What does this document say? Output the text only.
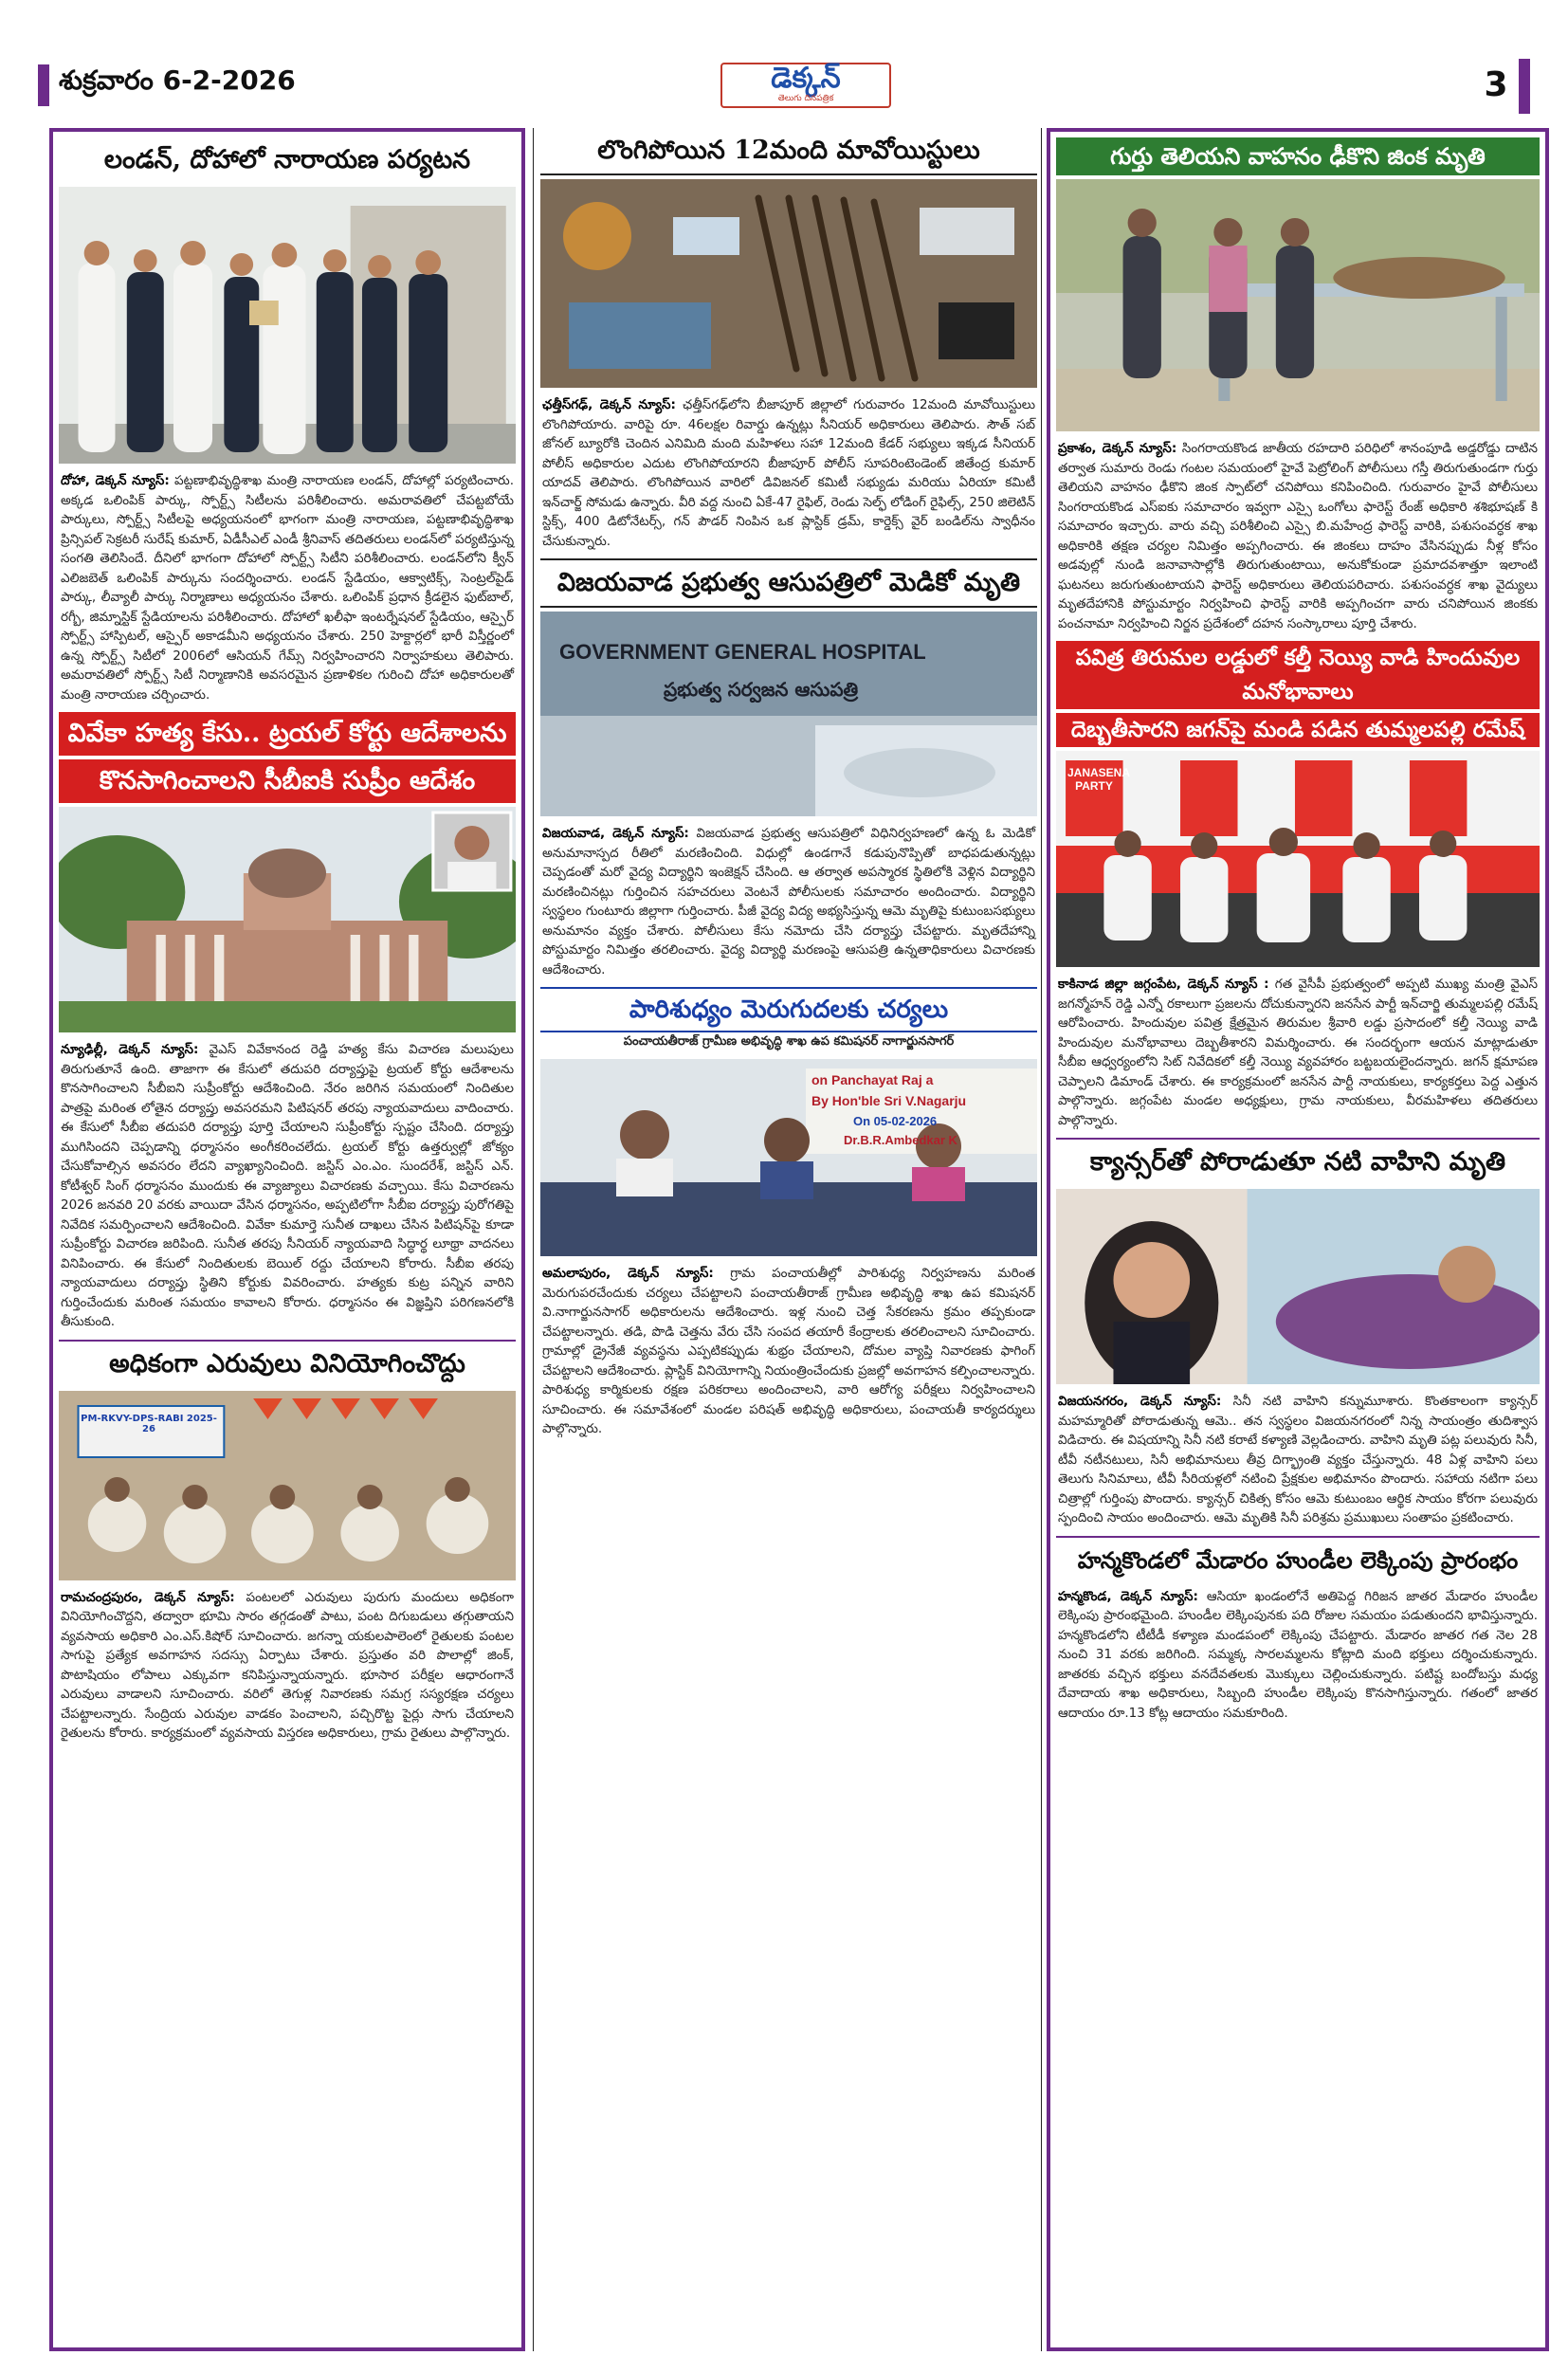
శుక్రవారం 6-2-2026	డెక్కన్
తెలుగు దినపత్రిక	3
లండన్, దోహాలో నారాయణ పర్యటన

దోహా, డెక్కన్ న్యూస్: పట్టణాభివృద్ధిశాఖ మంత్రి నారాయణ లండన్, దోహాల్లో పర్యటించారు. అక్కడ ఒలింపిక్ పార్కు, స్పోర్ట్స్ సిటీలను పరిశీలించారు. అమరావతిలో చేపట్టబోయే పార్కులు, స్పోర్ట్స్ సిటీలపై అధ్యయనంలో భాగంగా మంత్రి నారాయణ, పట్టణాభివృద్ధిశాఖ ప్రిన్సిపల్ సెక్రటరీ సురేష్ కుమార్, ఏడీసీఎల్ ఎండీ శ్రీనివాస్ తదితరులు లండన్‌లో పర్యటిస్తున్న సంగతి తెలిసిందే. దీనిలో భాగంగా దోహాలో స్పోర్ట్స్ సిటీని పరిశీలించారు. లండన్‌లోని క్వీన్ ఎలిజబెత్ ఒలింపిక్ పార్కును సందర్శించారు. లండన్ స్టేడియం, ఆక్వాటిక్స్, సెంట్రల్‌పైడ్ పార్కు, లీవ్యాలీ పార్కు నిర్మాణాలు అధ్యయనం చేశారు. ఒలింపిక్ ప్రధాన క్రీడలైన ఫుట్‌బాల్, రగ్బీ, జిమ్నాస్టిక్ స్టేడియాలను పరిశీలించారు. దోహాలో ఖలీఫా ఇంటర్నేషనల్ స్టేడియం, ఆస్పైర్ స్పోర్ట్స్ హాస్పిటల్, ఆస్పైర్ అకాడమీని అధ్యయనం చేశారు. 250 హెక్టార్లలో భారీ విస్తీర్ణంలో ఉన్న స్పోర్ట్స్ సిటీలో 2006లో ఆసియన్ గేమ్స్ నిర్వహించారని నిర్వాహకులు తెలిపారు. అమరావతిలో స్పోర్ట్స్ సిటీ నిర్మాణానికి అవసరమైన ప్రణాళికల గురించి దోహా అధికారులతో మంత్రి నారాయణ చర్చించారు.

వివేకా హత్య కేసు.. ట్రయల్ కోర్టు ఆదేశాలను
కొనసాగించాలని సీబీఐకి సుప్రీం ఆదేశం

న్యూఢిల్లీ, డెక్కన్ న్యూస్: వైఎస్ వివేకానంద రెడ్డి హత్య కేసు విచారణ మలుపులు తిరుగుతూనే ఉంది. తాజాగా ఈ కేసులో తదుపరి దర్యాప్తుపై ట్రయల్ కోర్టు ఆదేశాలను కొనసాగించాలని సీబీఐని సుప్రీంకోర్టు ఆదేశించింది. నేరం జరిగిన సమయంలో నిందితుల పాత్రపై మరింత లోతైన దర్యాప్తు అవసరమని పిటిషనర్ తరపు న్యాయవాదులు వాదించారు. ఈ కేసులో సీబీఐ తదుపరి దర్యాప్తు పూర్తి చేయాలని సుప్రీంకోర్టు స్పష్టం చేసింది. దర్యాప్తు ముగిసిందని చెప్పడాన్ని ధర్మాసనం అంగీకరించలేదు. ట్రయల్ కోర్టు ఉత్తర్వుల్లో జోక్యం చేసుకోవాల్సిన అవసరం లేదని వ్యాఖ్యానించింది. జస్టిస్ ఎం.ఎం. సుందరేశ్, జస్టిస్ ఎన్. కోటీశ్వర్ సింగ్ ధర్మాసనం ముందుకు ఈ వ్యాజ్యాలు విచారణకు వచ్చాయి. కేసు విచారణను 2026 జనవరి 20 వరకు వాయిదా వేసిన ధర్మాసనం, అప్పటిలోగా సీబీఐ దర్యాప్తు పురోగతిపై నివేదిక సమర్పించాలని ఆదేశించింది. వివేకా కుమార్తె సునీత దాఖలు చేసిన పిటిషన్‌పై కూడా సుప్రీంకోర్టు విచారణ జరిపింది. సునీత తరపు సీనియర్ న్యాయవాది సిద్ధార్థ లూథ్రా వాదనలు వినిపించారు. ఈ కేసులో నిందితులకు బెయిల్ రద్దు చేయాలని కోరారు. సీబీఐ తరపు న్యాయవాదులు దర్యాప్తు స్థితిని కోర్టుకు వివరించారు. హత్యకు కుట్ర పన్నిన వారిని గుర్తించేందుకు మరింత సమయం కావాలని కోరారు. ధర్మాసనం ఈ విజ్ఞప్తిని పరిగణనలోకి తీసుకుంది.

అధికంగా ఎరువులు వినియోగించొద్దు
PM-RKVY-DPS-RABI 2025-26

రామచంద్రపురం, డెక్కన్ న్యూస్: పంటలలో ఎరువులు పురుగు మందులు అధికంగా వినియోగించొద్దని, తద్వారా భూమి సారం తగ్గడంతో పాటు, పంట దిగుబడులు తగ్గుతాయని వ్యవసాయ అధికారి ఎం.ఎస్.కిషోర్ సూచించారు. జగన్నా యకులపాలెంలో రైతులకు పంటల సాగుపై ప్రత్యేక అవగాహన సదస్సు ఏర్పాటు చేశారు. ప్రస్తుతం వరి పొలాల్లో జింక్, పొటాషియం లోపాలు ఎక్కువగా కనిపిస్తున్నాయన్నారు. భూసార పరీక్షల ఆధారంగానే ఎరువులు వాడాలని సూచించారు. వరిలో తెగుళ్ల నివారణకు సమగ్ర సస్యరక్షణ చర్యలు చేపట్టాలన్నారు. సేంద్రియ ఎరువుల వాడకం పెంచాలని, పచ్చిరొట్ట పైర్లు సాగు చేయాలని రైతులను కోరారు. కార్యక్రమంలో వ్యవసాయ విస్తరణ అధికారులు, గ్రామ రైతులు పాల్గొన్నారు.

లొంగిపోయిన 12మంది మావోయిస్టులు

ఛత్తీస్‌గఢ్, డెక్కన్ న్యూస్: ఛత్తీస్‌గఢ్‌లోని బీజాపూర్ జిల్లాలో గురువారం 12మంది మావోయిస్టులు లొంగిపోయారు. వారిపై రూ. 46లక్షల రివార్డు ఉన్నట్లు సీనియర్ అధికారులు తెలిపారు. సౌత్ సబ్ జోనల్ బ్యూరోకి చెందిన ఎనిమిది మంది మహిళలు సహా 12మంది కేడర్ సభ్యులు ఇక్కడ సీనియర్ పోలీస్ అధికారుల ఎదుట లొంగిపోయారని బీజాపూర్ పోలీస్ సూపరింటెండెంట్ జితేంద్ర కుమార్ యాదవ్ తెలిపారు. లొంగిపోయిన వారిలో డివిజనల్ కమిటీ సభ్యుడు మరియు ఏరియా కమిటీ ఇన్‌చార్జ్ సోమడు ఉన్నారు. వీరి వద్ద నుంచి ఏకే-47 రైఫిల్, రెండు సెల్ఫ్ లోడింగ్ రైఫిల్స్, 250 జిలెటిన్ స్టిక్స్, 400 డిటోనేటర్స్, గన్ పౌడర్ నింపిన ఒక ప్లాస్టిక్ డ్రమ్, కార్డెక్స్ వైర్ బండిల్‌ను స్వాధీనం చేసుకున్నారు.

విజయవాడ ప్రభుత్వ ఆసుపత్రిలో మెడికో మృతి
GOVERNMENT GENERAL HOSPITAL
ప్రభుత్వ సర్వజన ఆసుపత్రి

విజయవాడ, డెక్కన్ న్యూస్: విజయవాడ ప్రభుత్వ ఆసుపత్రిలో విధినిర్వహణలో ఉన్న ఓ మెడికో అనుమానాస్పద రీతిలో మరణించింది. విధుల్లో ఉండగానే కడుపునొప్పితో బాధపడుతున్నట్లు చెప్పడంతో మరో వైద్య విద్యార్థిని ఇంజెక్షన్ చేసింది. ఆ తర్వాత అపస్మారక స్థితిలోకి వెళ్లిన విద్యార్థిని మరణించినట్లు గుర్తించిన సహచరులు వెంటనే పోలీసులకు సమాచారం అందించారు. విద్యార్థిని స్వస్థలం గుంటూరు జిల్లాగా గుర్తించారు. పీజీ వైద్య విద్య అభ్యసిస్తున్న ఆమె మృతిపై కుటుంబసభ్యులు అనుమానం వ్యక్తం చేశారు. పోలీసులు కేసు నమోదు చేసి దర్యాప్తు చేపట్టారు. మృతదేహాన్ని పోస్టుమార్టం నిమిత్తం తరలించారు. వైద్య విద్యార్థి మరణంపై ఆసుపత్రి ఉన్నతాధికారులు విచారణకు ఆదేశించారు.

పారిశుధ్యం మెరుగుదలకు చర్యలు
పంచాయతీరాజ్ గ్రామీణ అభివృద్ధి శాఖ ఉప కమిషనర్ నాగార్జునసాగర్
on Panchayat Raj a
By Hon'ble Sri V.Nagarju
On 05-02-2026
Dr.B.R.Ambedkar K

అమలాపురం, డెక్కన్ న్యూస్: గ్రామ పంచాయతీల్లో పారిశుధ్య నిర్వహణను మరింత మెరుగుపరచేందుకు చర్యలు చేపట్టాలని పంచాయతీరాజ్ గ్రామీణ అభివృద్ధి శాఖ ఉప కమిషనర్ వి.నాగార్జునసాగర్ అధికారులను ఆదేశించారు. ఇళ్ల నుంచి చెత్త సేకరణను క్రమం తప్పకుండా చేపట్టాలన్నారు. తడి, పొడి చెత్తను వేరు చేసి సంపద తయారీ కేంద్రాలకు తరలించాలని సూచించారు. గ్రామాల్లో డ్రైనేజీ వ్యవస్థను ఎప్పటికప్పుడు శుభ్రం చేయాలని, దోమల వ్యాప్తి నివారణకు ఫాగింగ్ చేపట్టాలని ఆదేశించారు. ప్లాస్టిక్ వినియోగాన్ని నియంత్రించేందుకు ప్రజల్లో అవగాహన కల్పించాలన్నారు. పారిశుధ్య కార్మికులకు రక్షణ పరికరాలు అందించాలని, వారి ఆరోగ్య పరీక్షలు నిర్వహించాలని సూచించారు. ఈ సమావేశంలో మండల పరిషత్ అభివృద్ధి అధికారులు, పంచాయతీ కార్యదర్శులు పాల్గొన్నారు.

గుర్తు తెలియని వాహనం ఢీకొని జింక మృతి

ప్రకాశం, డెక్కన్ న్యూస్: సింగరాయకొండ జాతీయ రహదారి పరిధిలో శానంపూడి అడ్డరోడ్డు దాటిన తర్వాత సుమారు రెండు గంటల సమయంలో హైవే పెట్రోలింగ్ పోలీసులు గస్తీ తిరుగుతుండగా గుర్తు తెలియని వాహనం ఢీకొని జింక స్పాట్‌లో చనిపోయి కనిపించింది. గురువారం హైవే పోలీసులు సింగరాయకొండ ఎస్ఐకు సమాచారం ఇవ్వగా ఎస్సై ఒంగోలు ఫారెస్ట్ రేంజ్ అధికారి శశిభూషణ్ కి సమాచారం ఇచ్చారు. వారు వచ్చి పరిశీలించి ఎస్సై బి.మహేంద్ర ఫారెస్ట్ వారికి, పశుసంవర్ధక శాఖ అధికారికి తక్షణ చర్యల నిమిత్తం అప్పగించారు. ఈ జింకలు దాహం వేసినప్పుడు నీళ్ల కోసం అడవుల్లో నుండి జనావాసాల్లోకి తిరుగుతుంటాయి, అనుకోకుండా ప్రమాదవశాత్తూ ఇలాంటి ఘటనలు జరుగుతుంటాయని ఫారెస్ట్ అధికారులు తెలియపరిచారు. పశుసంవర్ధక శాఖ వైద్యులు మృతదేహానికి పోస్టుమార్టం నిర్వహించి ఫారెస్ట్ వారికి అప్పగించగా వారు చనిపోయిన జింకకు పంచనామా నిర్వహించి నిర్జన ప్రదేశంలో దహన సంస్కారాలు పూర్తి చేశారు.

పవిత్ర తిరుమల లడ్డులో కల్తీ నెయ్యి వాడి హిందువుల మనోభావాలు
దెబ్బతీసారని జగన్‌పై మండి పడిన తుమ్మలపల్లి రమేష్
JANASENA PARTY

కాకినాడ జిల్లా జగ్గంపేట, డెక్కన్ న్యూస్ : గత వైసీపీ ప్రభుత్వంలో అప్పటి ముఖ్య మంత్రి వైఎస్ జగన్మోహన్ రెడ్డి ఎన్నో రకాలుగా ప్రజలను దోచుకున్నారని జనసేన పార్టీ ఇన్‌చార్జి తుమ్మలపల్లి రమేష్ ఆరోపించారు. హిందువుల పవిత్ర క్షేత్రమైన తిరుమల శ్రీవారి లడ్డు ప్రసాదంలో కల్తీ నెయ్యి వాడి హిందువుల మనోభావాలు దెబ్బతీశారని విమర్శించారు. ఈ సందర్భంగా ఆయన మాట్లాడుతూ సీబీఐ ఆధ్వర్యంలోని సిట్ నివేదికలో కల్తీ నెయ్యి వ్యవహారం బట్టబయలైందన్నారు. జగన్ క్షమాపణ చెప్పాలని డిమాండ్ చేశారు. ఈ కార్యక్రమంలో జనసేన పార్టీ నాయకులు, కార్యకర్తలు పెద్ద ఎత్తున పాల్గొన్నారు. జగ్గంపేట మండల అధ్యక్షులు, గ్రామ నాయకులు, వీరమహిళలు తదితరులు పాల్గొన్నారు.

క్యాన్సర్‌తో పోరాడుతూ నటి వాహిని మృతి

విజయనగరం, డెక్కన్ న్యూస్: సినీ నటి వాహిని కన్నుమూశారు. కొంతకాలంగా క్యాన్సర్ మహమ్మారితో పోరాడుతున్న ఆమె.. తన స్వస్థలం విజయనగరంలో నిన్న సాయంత్రం తుదిశ్వాస విడిచారు. ఈ విషయాన్ని సినీ నటి కరాటే కళ్యాణి వెల్లడించారు. వాహిని మృతి పట్ల పలువురు సినీ, టీవీ నటీనటులు, సినీ అభిమానులు తీవ్ర దిగ్భ్రాంతి వ్యక్తం చేస్తున్నారు. 48 ఏళ్ల వాహిని పలు తెలుగు సినిమాలు, టీవీ సీరియళ్లలో నటించి ప్రేక్షకుల అభిమానం పొందారు. సహాయ నటిగా పలు చిత్రాల్లో గుర్తింపు పొందారు. క్యాన్సర్ చికిత్స కోసం ఆమె కుటుంబం ఆర్థిక సాయం కోరగా పలువురు స్పందించి సాయం అందించారు. ఆమె మృతికి సినీ పరిశ్రమ ప్రముఖులు సంతాపం ప్రకటించారు.

హన్మకొండలో మేడారం హుండీల లెక్కింపు ప్రారంభం

హన్మకొండ, డెక్కన్ న్యూస్: ఆసియా ఖండంలోనే అతిపెద్ద గిరిజన జాతర మేడారం హుండీల లెక్కింపు ప్రారంభమైంది. హుండీల లెక్కింపునకు పది రోజుల సమయం పడుతుందని భావిస్తున్నారు. హన్మకొండలోని టీటీడీ కళ్యాణ మండపంలో లెక్కింపు చేపట్టారు. మేడారం జాతర గత నెల 28 నుంచి 31 వరకు జరిగింది. సమ్మక్క సారలమ్మలను కోట్లాది మంది భక్తులు దర్శించుకున్నారు. జాతరకు వచ్చిన భక్తులు వనదేవతలకు మొక్కులు చెల్లించుకున్నారు. పటిష్ట బందోబస్తు మధ్య దేవాదాయ శాఖ అధికారులు, సిబ్బంది హుండీల లెక్కింపు కొనసాగిస్తున్నారు. గతంలో జాతర ఆదాయం రూ.13 కోట్ల ఆదాయం సమకూరింది.
